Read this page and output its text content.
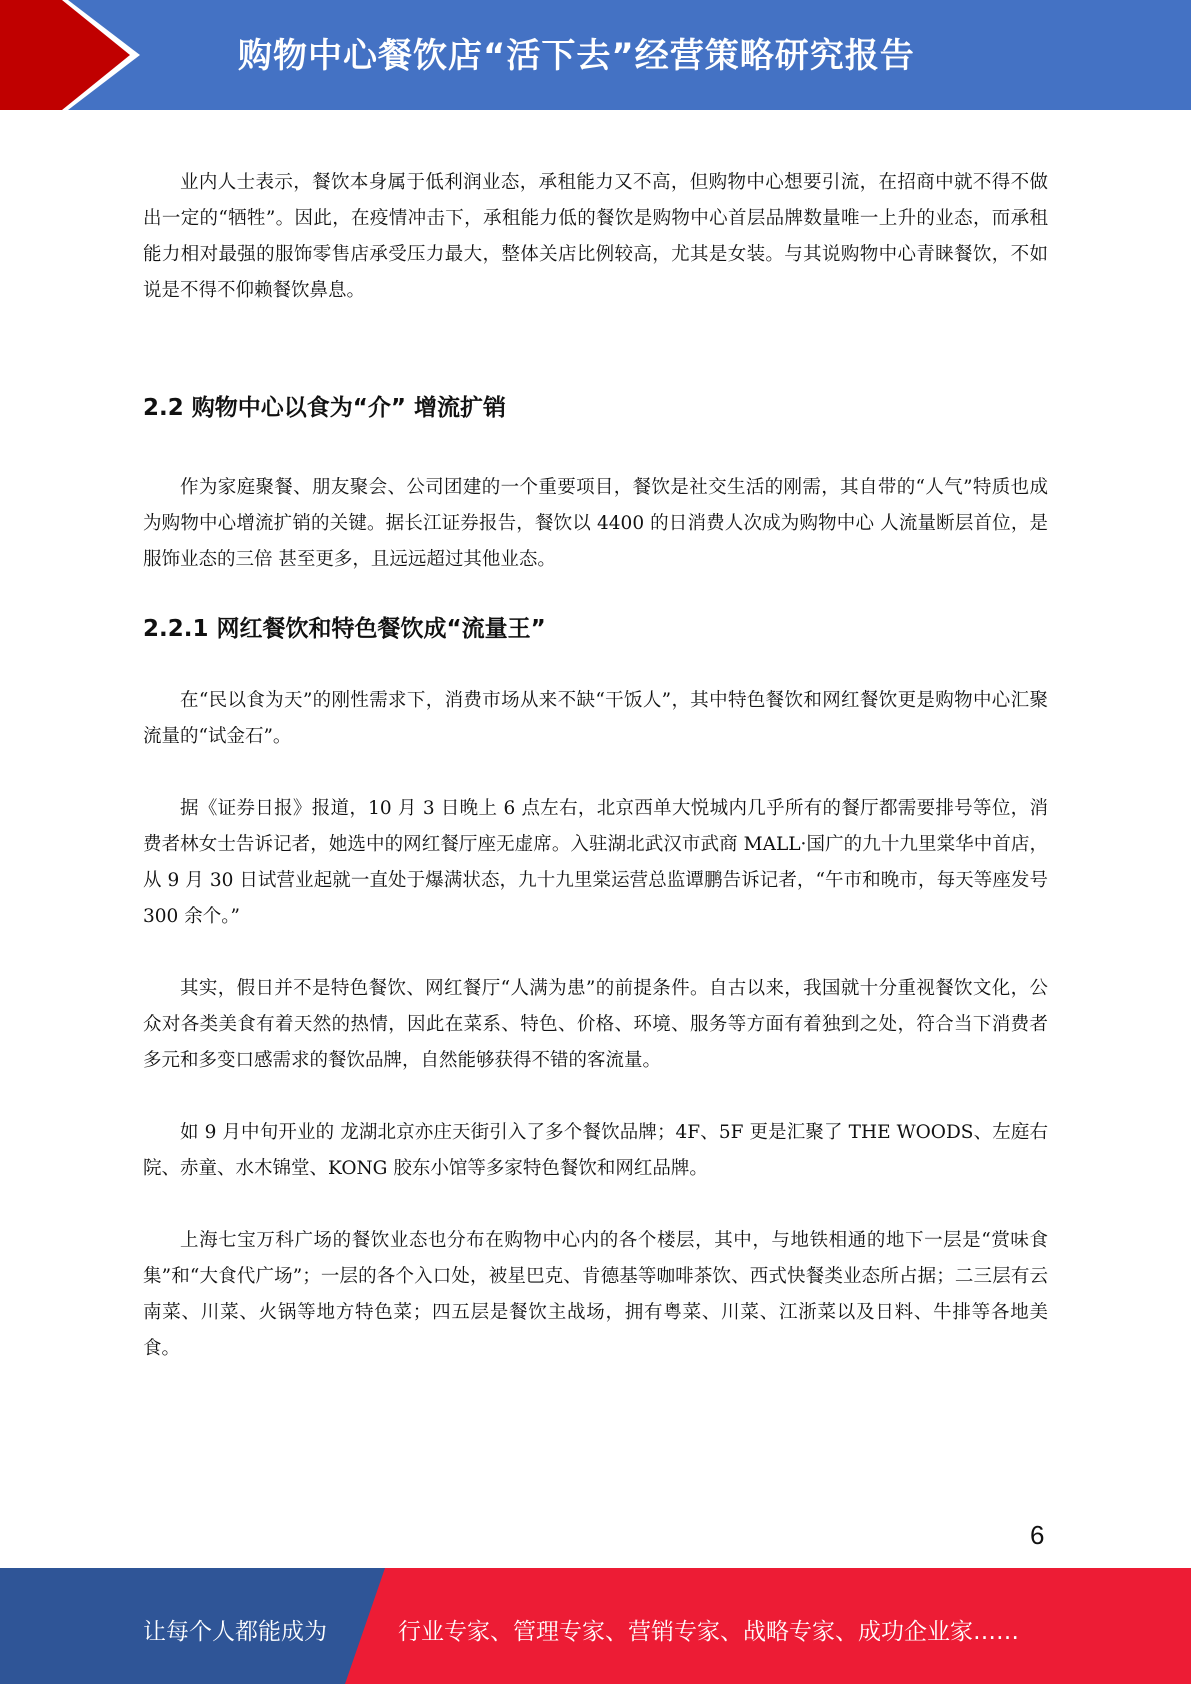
购物中心餐饮店“活下去”经营策略研究报告

业内人士表示，餐饮本身属于低利润业态，承租能力又不高，但购物中心想要引流，在招商中就不得不做出一定的“牺牲”。因此，在疫情冲击下，承租能力低的餐饮是购物中心首层品牌数量唯一上升的业态，而承租能力相对最强的服饰零售店承受压力最大，整体关店比例较高，尤其是女装。与其说购物中心青睐餐饮，不如说是不得不仰赖餐饮鼻息。

2.2 购物中心以食为“介” 增流扩销

作为家庭聚餐、朋友聚会、公司团建的一个重要项目，餐饮是社交生活的刚需，其自带的“人气”特质也成为购物中心增流扩销的关键。据长江证券报告，餐饮以 4400 的日消费人次成为购物中心 人流量断层首位，是服饰业态的三倍 甚至更多，且远远超过其他业态。

2.2.1 网红餐饮和特色餐饮成“流量王”

在“民以食为天”的刚性需求下，消费市场从来不缺“干饭人”，其中特色餐饮和网红餐饮更是购物中心汇聚流量的“试金石”。

据《证券日报》报道，10 月 3 日晚上 6 点左右，北京西单大悦城内几乎所有的餐厅都需要排号等位，消费者林女士告诉记者，她选中的网红餐厅座无虚席。入驻湖北武汉市武商 MALL·国广的九十九里棠华中首店，从 9 月 30 日试营业起就一直处于爆满状态，九十九里棠运营总监谭鹏告诉记者，“午市和晚市，每天等座发号 300 余个。”

其实，假日并不是特色餐饮、网红餐厅“人满为患”的前提条件。自古以来，我国就十分重视餐饮文化，公众对各类美食有着天然的热情，因此在菜系、特色、价格、环境、服务等方面有着独到之处，符合当下消费者多元和多变口感需求的餐饮品牌，自然能够获得不错的客流量。

如 9 月中旬开业的 龙湖北京亦庄天街引入了多个餐饮品牌；4F、5F 更是汇聚了 THE WOODS、左庭右院、赤童、水木锦堂、KONG 胶东小馆等多家特色餐饮和网红品牌。

上海七宝万科广场的餐饮业态也分布在购物中心内的各个楼层，其中，与地铁相通的地下一层是“赏味食集”和“大食代广场”；一层的各个入口处，被星巴克、肯德基等咖啡茶饮、西式快餐类业态所占据；二三层有云南菜、川菜、火锅等地方特色菜；四五层是餐饮主战场，拥有粤菜、川菜、江浙菜以及日料、牛排等各地美食。

6
让每个人都能成为	行业专家、管理专家、营销专家、战略专家、成功企业家……
